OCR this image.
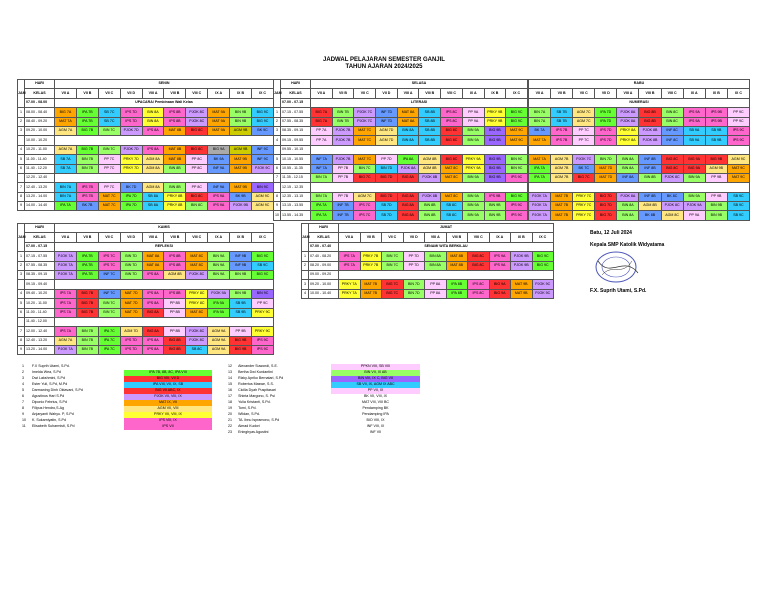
JADWAL PELAJARAN SEMESTER GANJIL
TAHUN AJARAN 2024/2025
JAM	HARI	SENIN									
	KELAS	VII A	VII B	VII C	VII D	VIII A	VIII B	VIII C	IX A	IX B	IX C
	07.00 - 08.00	UPACARA/ Pembinaan Wali Kelas									
1	08.00 - 08.40	BIG 7A	IPA 7B	SB 7C	IPS 7D	BIN 8A	IPS 8B	PJOK 8C	MAT 9A	BIN 9B	BIG 9C
2	08.40 - 09.20	MAT 7A	IPA 7B	SB 7C	IPS 7D	BIN 8A	IPS 8B	PJOK 8C	MAT 9A	BIN 9B	BIG 9C
3	09.20 - 10.00	AGM 7A	BIG 7B	BIN 7C	PJOK 7D	IPS 8A	MAT 8B	BIG 8C	MAT 9A	AGM 9B	BK 9C
	10.00 - 10.20										
4	10.20 - 11.00	AGM 7A	BIG 7B	BIN 7C	PJOK 7D	IPS 8A	MAT 8B	BIG 8C	BIG 9A	AGM 9B	INF 9C
5	11.00 - 11.40	SB 7A	BIN 7B	PP 7C	PRKY 7D	AGM 8A	MAT 8B	PP 8C	BK 9A	MAT 9B	INF 9C
6	11.40 - 12.20	SB 7A	BIN 7B	PP 7C	PRKY 7D	AGM 8A	BIN 8B	PP 8C	INF 9A	MAT 9B	PJOK 9C
	12.20 - 12.40										
7	12.40 - 13.20	BIN 7A	IPS 7B	PP 7C	BK 7D	AGM 8A	BIN 8B	PP 8C	INF 9A	MAT 9B	BIN 9C
8	13.20 - 14.00	BIN 7A	IPS 7B	MAT 7C	IPA 7D	SB 8A	PRKY 8B	BIG 8C	IPS 9A	BK 9B	AGM 9C
9	14.00 - 14.40	IPA 7A	BK 7B	MAT 7C	IPA 7D	SB 8A	PRKY 8B	BIN 8C	IPS 9A	PJOK 9B	AGM 9C
JAM	HARI	SELASA									
	KELAS	VII A	VII B	VII C	VII D	VIII A	VIII B	VIII C	IX A	IX B	IX C
	07.00 - 07.15	LITERASI									
1	07.15 - 07.55	BIG 7A	BIN 7B	PJOK 7C	INF 7D	MAT 8A	SB 8B	IPS 8C	PP 9A	PRKY 9B	BIG 9C
2	07.55 - 08.35	BIG 7A	BIN 7B	PJOK 7C	INF 7D	MAT 8A	SB 8B	IPS 8C	PP 9A	PRKY 9B	BIG 9C
3	08.35 - 09.15	PP 7A	PJOK 7B	MAT 7C	AGM 7D	BIN 8A	SB 8B	BIG 8C	BIN 9A	BIG 9B	MAT 9C
4	09.15 - 09.55	PP 7A	PJOK 7B	MAT 7C	AGM 7D	BIN 8A	SB 8B	BIG 8C	BIN 9A	BIG 9B	MAT 9C
	09.55 - 10.15										
5	10.15 - 10.55	INF 7A	PJOK 7B	MAT 7C	PP 7D	IPA 8A	AGM 8B	BIG 8C	PRKY 9A	BIG 9B	BIN 9C
6	10.55 - 11.35	INF 7A	PP 7B	BIN 7C	BIN 7D	PJOK 8A	AGM 8B	MAT 8C	PRKY 9A	BIG 9B	BIN 9C
7	11.35 - 12.15	BIN 7A	PP 7B	BIG 7C	BIG 7D	BIG 8A	PJOK 8B	MAT 8C	BIN 9A	BIG 9B	IPS 9C
	12.15 - 12.35										
8	12.35 - 13.15	BIN 7A	PP 7B	AGM 7C	BIG 7D	BIG 8A	PJOK 8B	MAT 8C	BIN 9A	IPS 9B	BIG 9C
9	13.15 - 13.55	IPA 7A	INF 7B	IPS 7C	SB 7D	BIG 8A	BIN 8B	SB 8C	BIN 9A	BIN 9B	IPS 9C
10	13.55 - 14.35	IPA 7A	INF 7B	IPS 7C	SB 7D	BIG 8A	BIN 8B	SB 8C	BIN 9A	BIN 9B	IPS 9C
RABU									
VII A	VII B	VII C	VII D	VIII A	VIII B	VIII C	IX A	IX B	IX C
NUMERASI									
BIN 7A	SB 7B	AGM 7C	IPA 7D	PJOK 8A	BIG 8B	BIN 8C	IPS 9A	IPS 9B	PP 9C
BIN 7A	SB 7B	AGM 7C	IPA 7D	PJOK 8A	BIG 8B	BIN 8C	IPS 9A	IPS 9B	PP 9C
BK 7A	IPS 7B	PP 7C	IPS 7D	PRKY 8A	PJOK 8B	INF 8C	SB 9A	SB 9B	IPS 9C
MAT 7A	IPS 7B	PP 7C	IPS 7D	PRKY 8A	PJOK 8B	INF 8C	SB 9A	SB 9B	IPS 9C

MAT 7A	AGM 7B	PJOK 7C	BIN 7D	BIN 8A	INF 8B	BIG 8C	BIG 9A	BIG 9B	AGM 9C
IPA 7A	AGM 7B	BK 7C	MAT 7D	BIN 8A	INF 8B	BIG 8C	BIG 9A	AGM 9B	MAT 9C
IPA 7A	AGM 7B	BIG 7C	MAT 7D	INF 8A	BIN 8B	PJOK 8C	BIN 9A	PP 9B	MAT 9C

PJOK 7A	MAT 7B	PRKY 7C	BIG 7D	PJOK 8A	INF 8B	BK 8C	BIN 9A	PP 9B	SB 9C
PJOK 7A	MAT 7B	PRKY 7C	BIG 7D	BIN 8A	AGM 8B	PJOK 8C	PJOK 9A	BIN 9B	SB 9C
PJOK 7A	MAT 7B	PRKY 7C	BIG 7D	BIN 8A	BK 8B	AGM 8C	PP 9A	BIN 9B	SB 9C
JAM	HARI	KAMIS									
	KELAS	VII A	VII B	VII C	VII D	VIII A	VIII B	VIII C	IX A	IX B	IX C
	07.00 - 07.15	REFLEKSI									
1	07.15 - 07.55	PJOK 7A	IPA 7B	IPS 7C	BIN 7D	MAT 8A	IPS 8B	MAT 8C	BIN 9A	INF 9B	BIG 9C
2	07.55 - 08.35	PJOK 7A	IPA 7B	IPS 7C	BIN 7D	MAT 8A	IPS 8B	MAT 8C	BIN 9A	INF 9B	SB 9C
3	08.35 - 09.15	PJOK 7A	IPA 7B	INF 7C	BIN 7D	IPS 8A	AGM 8B	PJOK 8C	BIN 9A	BIN 9B	BIG 9C
	09.15 - 09.40										
4	09.40 - 10.20	IPS 7A	BIG 7B	INF 7C	MAT 7D	IPS 8A	IPS 8B	PRKY 8C	PJOK 9A	BIN 9B	BIN 9C
5	10.20 - 11.00	IPS 7A	BIG 7B	BIN 7C	MAT 7D	IPS 8A	PP 8B	PRKY 8C	IPA 9A	SB 9B	PP 9C
6	11.00 - 11.40	IPS 7A	BIG 7B	BIN 7C	MAT 7D	BIG 8A	PP 8B	MAT 8C	IPA 9A	SB 9B	PRKY 9C
	11.40 - 12.00										
7	12.00 - 12.40	IPS 7A	BIN 7B	IPA 7C	AGM 7D	BIG 8A	PP 8B	PJOK 8C	AGM 9A	PP 9B	PRKY 9C
8	12.40 - 13.20	AGM 7A	BIN 7B	IPA 7C	IPS 7D	IPS 8A	BIG 8B	PJOK 8C	AGM 9A	BIG 9B	IPS 9C
9	13.20 - 14.00	PJOK 7A	BIN 7B	IPA 7C	IPS 7D	IPS 8A	BIG 8B	SB 8C	AGM 9A	BIG 9B	IPS 9C
JAM	HARI	JUMAT									
	KELAS	VII A	VII B	VII C	VII D	VIII A	VIII B	VIII C	IX A	IX B	IX C
	07.00 - 07.40	SENAM/ WITA BERKILAU									
1	07.40 - 08.20	IPS 7A	PRKY 7B	BIN 7C	PP 7D	BIN 8A	MAT 8B	BIG 8C	IPS 9A	PJOK 9B	BIG 9C
2	08.20 - 09.00	IPS 7A	PRKY 7B	BIN 7C	PP 7D	BIN 8A	MAT 8B	BIG 8C	IPS 9A	PJOK 9B	BIG 9C
	09.00 - 09.20										
3	09.20 - 10.00	PRKY 7A	MAT 7B	BIG 7C	BIN 7D	PP 8A	IPA 8B	IPS 8C	BIG 9A	MAT 9B	PJOK 9C
4	10.00 - 10.40	PRKY 7A	MAT 7B	BIG 7C	BIN 7D	PP 8A	IPA 8B	IPS 8C	BIG 9A	MAT 9B	PJOK 9C
Batu, 12 Juli 2024
Kepala SMP Katolik Widyatama
F.X. Suprih Utami, S.Pd.
1	F.X Suprih Utami, S.Pd.	
2	Imelda Wea, S.Pd	IPA 7B, 8B, 8C, IPA VIII
3	Dwi Lakshmini, S.Pd	BIG VIII, VII D
4	Ester Yuli, S.Pd, M.Pd	IPA VIII, VII, IX, SB
5	Darmaning Dinh Oktavani, S.Pd	BIG VII ABC, IX
6	Agustinus Hari S.Pd	PJOK VII, VIII, IX
7	Diponio Febrius, S.Pd	MAT IX, VII
8	Filipus Hendro,S.Ag	AGM VII, VIII
9	Anjaryanti Wahyu. P, S.Pd	PRKY VII, VIII, IX
10	K. Sukarniyatin, S.Pd	IPS VIII, IX
11	Elisabeth Suharmisti, S.Pd	IPS VII
12	Alexander Suwondi, S.E.	PPKN VIII, SB VIII
13	Bertha Dwi Kurdantini	BIN VII, IX AB
14	Rizky Apriko Bernatari, S.Pd	BIN VIII, IX C, BIG VII
15	Robertus Maswe, S.S.	SB VII, IX, AGM IX ABC
16	Cicilia Dyah Puspitasari	PP VII, IX
17	Shinta Margono, S. Psi	BK VII, VIII, IX
18	Yulia Kristanti, S.Pd.	MAT VIII, VIII BC
19	Tomi, S.Pd.	Pendamping BK
20	Wildan, S.Pd.	Pendamping IPA
21	TA. Ibnu Ispramono, S.Pd	BIO VIII, IX
22	Aimad Kudori	INF VIII, IX
23	Eninghyas Agustini	INF VII
